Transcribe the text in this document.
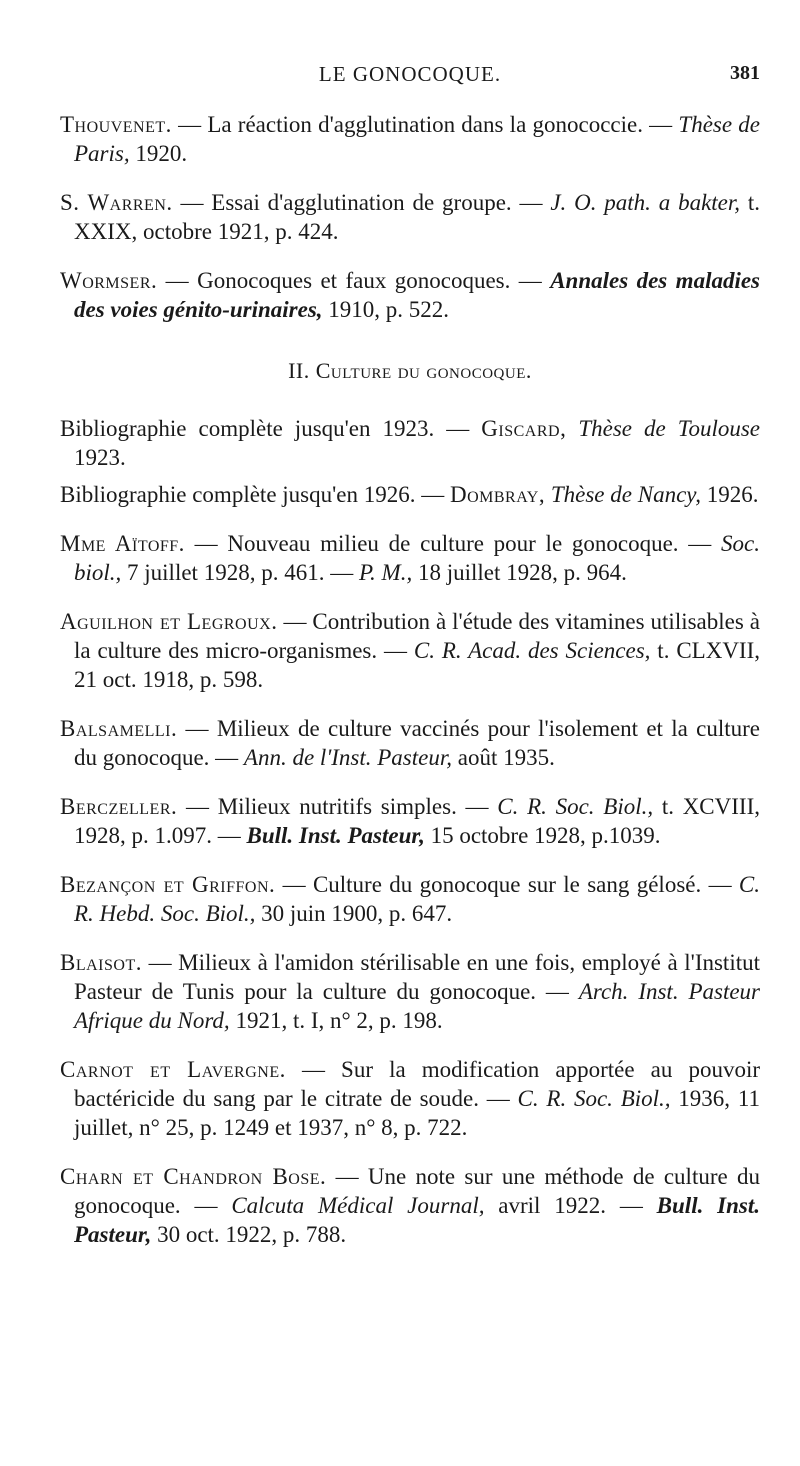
LE GONOCOQUE.	381

Thouvenet. — La réaction d'agglutination dans la gonococcie. — Thèse de Paris, 1920.

S. Warren. — Essai d'agglutination de groupe. — J. O. path. a bakter, t. XXIX, octobre 1921, p. 424.

Wormser. — Gonocoques et faux gonocoques. — Annales des maladies des voies génito-urinaires, 1910, p. 522.

II. Culture du gonocoque.

Bibliographie complète jusqu'en 1923. — Giscard, Thèse de Toulouse 1923.

Bibliographie complète jusqu'en 1926. — Dombray, Thèse de Nancy, 1926.

Mme Aïtoff. — Nouveau milieu de culture pour le gonocoque. — Soc. biol., 7 juillet 1928, p. 461. — P. M., 18 juillet 1928, p. 964.

Aguilhon et Legroux. — Contribution à l'étude des vitamines utilisables à la culture des micro-organismes. — C. R. Acad. des Sciences, t. CLXVII, 21 oct. 1918, p. 598.

Balsamelli. — Milieux de culture vaccinés pour l'isolement et la culture du gonocoque. — Ann. de l'Inst. Pasteur, août 1935.

Berczeller. — Milieux nutritifs simples. — C. R. Soc. Biol., t. XCVIII, 1928, p. 1.097. — Bull. Inst. Pasteur, 15 octobre 1928, p.1039.

Bezançon et Griffon. — Culture du gonocoque sur le sang gélosé. — C. R. Hebd. Soc. Biol., 30 juin 1900, p. 647.

Blaisot. — Milieux à l'amidon stérilisable en une fois, employé à l'Institut Pasteur de Tunis pour la culture du gonocoque. — Arch. Inst. Pasteur Afrique du Nord, 1921, t. I, n° 2, p. 198.

Carnot et Lavergne. — Sur la modification apportée au pouvoir bactéricide du sang par le citrate de soude. — C. R. Soc. Biol., 1936, 11 juillet, n° 25, p. 1249 et 1937, n° 8, p. 722.

Charn et Chandron Bose. — Une note sur une méthode de culture du gonocoque. — Calcuta Médical Journal, avril 1922. — Bull. Inst. Pasteur, 30 oct. 1922, p. 788.
